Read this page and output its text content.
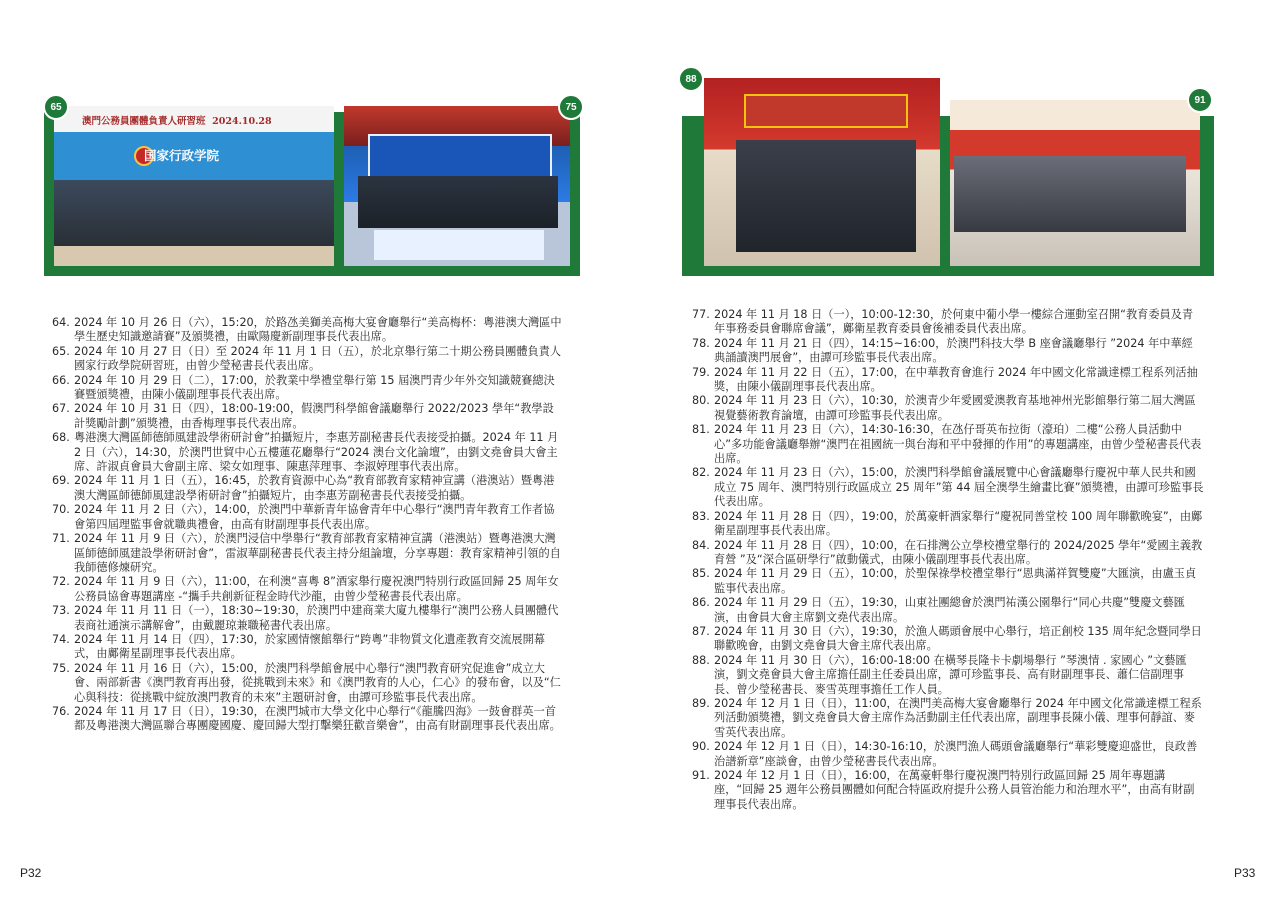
澳門公務員團體負責人研習班 2024.10.28
国家行政学院
65	75
64. 2024 年 10 月 26 日（六），15:20，於路氹美獅美高梅大宴會廳舉行“美高梅杯：粵港澳大灣區中學生歷史知識邀請賽”及頒獎禮，由歐陽慶新副理事長代表出席。
65. 2024 年 10 月 27 日（日）至 2024 年 11 月 1 日（五），於北京舉行第二十期公務員團體負責人國家行政學院研習班，由曾少瑩秘書長代表出席。
66. 2024 年 10 月 29 日（二），17:00，於教業中學禮堂舉行第 15 屆澳門青少年外交知識競賽總決賽暨頒獎禮，由陳小儀副理事長代表出席。
67. 2024 年 10 月 31 日（四），18:00-19:00，假澳門科學館會議廳舉行 2022/2023 學年“教學設計獎勵計劃”頒獎禮，由香梅理事長代表出席。
68. 粵港澳大灣區師德師風建設學術研討會”拍攝短片，李惠芳副秘書長代表接受拍攝。2024 年 11 月 2 日（六），14:30，於澳門世貿中心五樓蓮花廳舉行“2024 澳台文化論壇”，由劉文堯會員大會主席、許淑貞會員大會副主席、梁女如理事、陳惠萍理事、李淑婷理事代表出席。
69. 2024 年 11 月 1 日（五），16:45，於教育資源中心為“教育部教育家精神宣講（港澳站）暨粵港澳大灣區師德師風建設學術研討會”拍攝短片，由李惠芳副秘書長代表接受拍攝。
70. 2024 年 11 月 2 日（六），14:00，於澳門中華新青年協會青年中心舉行“澳門青年教育工作者協會第四屆理監事會就職典禮會，由高有財副理事長代表出席。
71. 2024 年 11 月 9 日（六），於澳門浸信中學舉行“教育部教育家精神宣講（港澳站）暨粵港澳大灣區師德師風建設學術研討會”，雷淑華副秘書長代表主持分組論壇，分享專題：教育家精神引領的自我師德修煉研究。
72. 2024 年 11 月 9 日（六），11:00，在利澳“喜粵 8”酒家舉行慶祝澳門特別行政區回歸 25 周年女公務員協會專題講座 -“攜手共創新征程金時代沙龍，由曾少瑩秘書長代表出席。
73. 2024 年 11 月 11 日（一），18:30~19:30，於澳門中建商業大廈九樓舉行“澳門公務人員團體代表商社通演示講解會”，由戴麗琼兼職秘書代表出席。
74. 2024 年 11 月 14 日（四），17:30，於家國情懷館舉行“跨粵”非物質文化遺產教育交流展開幕式，由鄺衛星副理事長代表出席。
75. 2024 年 11 月 16 日（六），15:00，於澳門科學館會展中心舉行“澳門教育研究促進會”成立大會、兩部新書《澳門教育再出發，從挑戰到未來》和《澳門教育的人心，仁心》的發布會，以及“仁心與科技：從挑戰中綻放澳門教育的未來”主題研討會，由譚可珍監事長代表出席。
76. 2024 年 11 月 17 日（日），19:30，在澳門城市大學文化中心舉行“《龍騰四海》一鼓會群英一首都及粵港澳大灣區聯合專團慶國慶、慶回歸大型打擊樂狂歡音樂會”，由高有財副理事長代表出席。
P32
88
91
77. 2024 年 11 月 18 日（一），10:00-12:30，於何東中葡小學一樓綜合運動室召開“教育委員及青年事務委員會聯席會議”，鄺衛星教育委員會後補委員代表出席。
78. 2024 年 11 月 21 日（四），14:15~16:00，於澳門科技大學 B 座會議廳舉行 ”2024 年中華經典誦讀澳門展會”，由譚可珍監事長代表出席。
79. 2024 年 11 月 22 日（五），17:00，在中華教育會進行 2024 年中國文化常識達標工程系列活抽獎，由陳小儀副理事長代表出席。
80. 2024 年 11 月 23 日（六），10:30，於澳青少年愛國愛澳教育基地神州光影館舉行第二屆大灣區視覺藝術教育論壇，由譚可珍監事長代表出席。
81. 2024 年 11 月 23 日（六），14:30-16:30，在氹仔哥英布拉街（濠珀）二樓“公務人員活動中心”多功能會議廳舉辦“澳門在祖國統一與台海和平中發揮的作用”的專題講座，由曾少瑩秘書長代表出席。
82. 2024 年 11 月 23 日（六），15:00，於澳門科學館會議展覽中心會議廳舉行慶祝中華人民共和國成立 75 周年、澳門特別行政區成立 25 周年”第 44 屆全澳學生繪畫比賽”頒獎禮，由譚可珍監事長代表出席。
83. 2024 年 11 月 28 日（四），19:00，於萬豪軒酒家舉行“慶祝同善堂校 100 周年聯歡晚宴”，由鄺衛星副理事長代表出席。
84. 2024 年 11 月 28 日（四），10:00，在石排灣公立學校禮堂舉行的 2024/2025 學年“愛國主義教育營 ”及“深合區研學行”啟動儀式，由陳小儀副理事長代表出席。
85. 2024 年 11 月 29 日（五），10:00，於聖保祿學校禮堂舉行“恩典滿祥賀雙慶”大匯演，由盧玉貞監事代表出席。
86. 2024 年 11 月 29 日（五），19:30，山東社團總會於澳門祐漢公園舉行“同心共慶”雙慶文藝匯演，由會員大會主席劉文堯代表出席。
87. 2024 年 11 月 30 日（六），19:30，於漁人碼頭會展中心舉行，培正創校 135 周年紀念暨同學日聯歡晚會，由劉文堯會員大會主席代表出席。
88. 2024 年 11 月 30 日（六），16:00-18:00 在橫琴長隆卡卡劇場舉行 ”琴澳情 . 家國心 ”文藝匯演，劉文堯會員大會主席擔任副主任委員出席，譚可珍監事長、高有財副理事長、蕭仁信副理事長、曾少瑩秘書長、麥雪英理事擔任工作人員。
89. 2024 年 12 月 1 日（日），11:00，在澳門美高梅大宴會廳舉行 2024 年中國文化常識達標工程系列活動頒獎禮，劉文堯會員大會主席作為活動副主任代表出席，副理事長陳小儀、理事何靜誼、麥雪英代表出席。
90. 2024 年 12 月 1 日（日），14:30-16:10，於澳門漁人碼頭會議廳舉行“華彩雙慶迎盛世，良政善治譜新章”座談會，由曾少瑩秘書長代表出席。
91. 2024 年 12 月 1 日（日），16:00，在萬豪軒舉行慶祝澳門特別行政區回歸 25 周年專題講座，“回歸 25 週年公務員團體如何配合特區政府提升公務人員管治能力和治理水平”，由高有財副理事長代表出席。
P33
